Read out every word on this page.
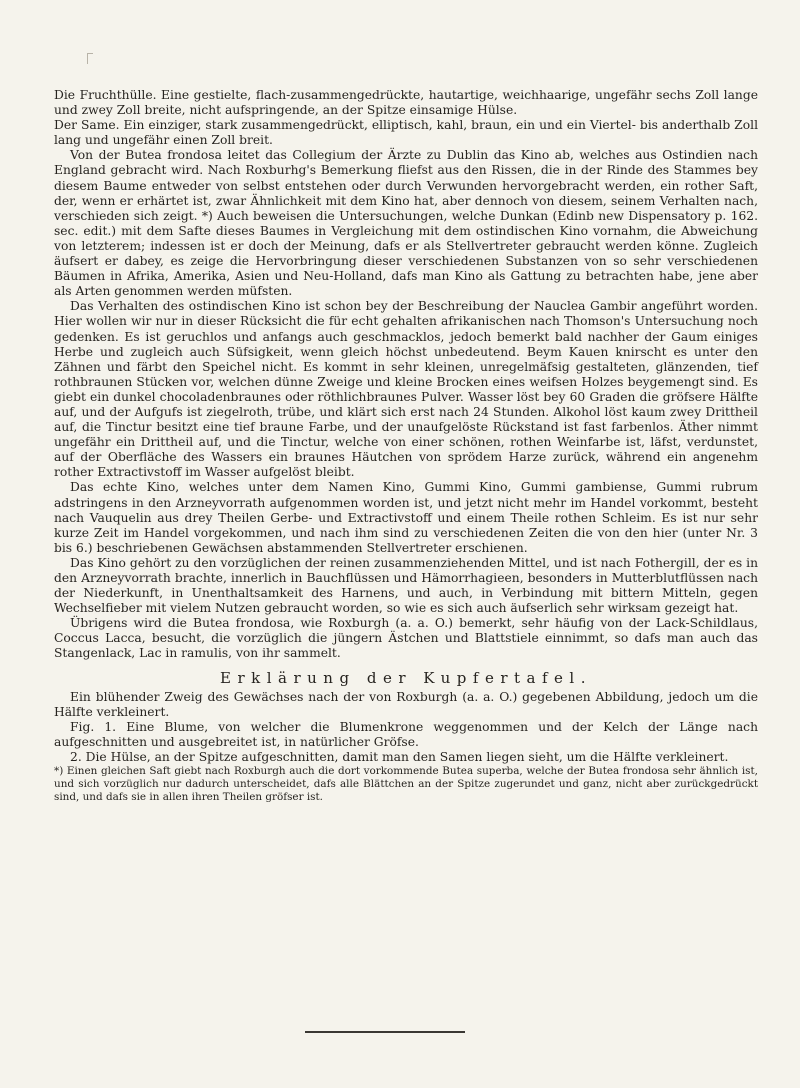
Die Fruchthülle. Eine gestielte, flach-zusammengedrückte, hautartige, weichhaarige, ungefähr sechs Zoll lange und zwey Zoll breite, nicht aufspringende, an der Spitze einsamige Hülse.

Der Same. Ein einziger, stark zusammengedrückt, elliptisch, kahl, braun, ein und ein Viertel- bis anderthalb Zoll lang und ungefähr einen Zoll breit.

Von der Butea frondosa leitet das Collegium der Ärzte zu Dublin das Kino ab, welches aus Ostindien nach England gebracht wird. Nach Roxburhg's Bemerkung fliefst aus den Rissen, die in der Rinde des Stammes bey diesem Baume entweder von selbst entstehen oder durch Verwunden hervorgebracht werden, ein rother Saft, der, wenn er erhärtet ist, zwar Ähnlichkeit mit dem Kino hat, aber dennoch von diesem, seinem Verhalten nach, verschieden sich zeigt. *) Auch beweisen die Untersuchungen, welche Dunkan (Edinb new Dispensatory p. 162. sec. edit.) mit dem Safte dieses Baumes in Vergleichung mit dem ostindischen Kino vornahm, die Abweichung von letzterem; indessen ist er doch der Meinung, dafs er als Stellvertreter gebraucht werden könne. Zugleich äufsert er dabey, es zeige die Hervorbringung dieser verschiedenen Substanzen von so sehr verschiedenen Bäumen in Afrika, Amerika, Asien und Neu-Holland, dafs man Kino als Gattung zu betrachten habe, jene aber als Arten genommen werden müfsten.

Das Verhalten des ostindischen Kino ist schon bey der Beschreibung der Nauclea Gambir angeführt worden. Hier wollen wir nur in dieser Rücksicht die für echt gehalten afrikanischen nach Thomson's Untersuchung noch gedenken. Es ist geruchlos und anfangs auch geschmacklos, jedoch bemerkt bald nachher der Gaum einiges Herbe und zugleich auch Süfsigkeit, wenn gleich höchst unbedeutend. Beym Kauen knirscht es unter den Zähnen und färbt den Speichel nicht. Es kommt in sehr kleinen, unregelmäfsig gestalteten, glänzenden, tief rothbraunen Stücken vor, welchen dünne Zweige und kleine Brocken eines weifsen Holzes beygemengt sind. Es giebt ein dunkel chocoladenbraunes oder röthlichbraunes Pulver. Wasser löst bey 60 Graden die gröfsere Hälfte auf, und der Aufgufs ist ziegelroth, trübe, und klärt sich erst nach 24 Stunden. Alkohol löst kaum zwey Drittheil auf, die Tinctur besitzt eine tief braune Farbe, und der unaufgelöste Rückstand ist fast farbenlos. Äther nimmt ungefähr ein Drittheil auf, und die Tinctur, welche von einer schönen, rothen Weinfarbe ist, läfst, verdunstet, auf der Oberfläche des Wassers ein braunes Häutchen von sprödem Harze zurück, während ein angenehm rother Extractivstoff im Wasser aufgelöst bleibt.

Das echte Kino, welches unter dem Namen Kino, Gummi Kino, Gummi gambiense, Gummi rubrum adstringens in den Arzneyvorrath aufgenommen worden ist, und jetzt nicht mehr im Handel vorkommt, besteht nach Vauquelin aus drey Theilen Gerbe- und Extractivstoff und einem Theile rothen Schleim. Es ist nur sehr kurze Zeit im Handel vorgekommen, und nach ihm sind zu verschiedenen Zeiten die von den hier (unter Nr. 3 bis 6.) beschriebenen Gewächsen abstammenden Stellvertreter erschienen.

Das Kino gehört zu den vorzüglichen der reinen zusammenziehenden Mittel, und ist nach Fothergill, der es in den Arzneyvorrath brachte, innerlich in Bauchflüssen und Hämorrhagieen, besonders in Mutterblutflüssen nach der Niederkunft, in Unenthaltsamkeit des Harnens, und auch, in Verbindung mit bittern Mitteln, gegen Wechselfieber mit vielem Nutzen gebraucht worden, so wie es sich auch äufserlich sehr wirksam gezeigt hat.

Übrigens wird die Butea frondosa, wie Roxburgh (a. a. O.) bemerkt, sehr häufig von der Lack-Schildlaus, Coccus Lacca, besucht, die vorzüglich die jüngern Ästchen und Blattstiele einnimmt, so dafs man auch das Stangenlack, Lac in ramulis, von ihr sammelt.

Erklärung der Kupfertafel.

Ein blühender Zweig des Gewächses nach der von Roxburgh (a. a. O.) gegebenen Abbildung, jedoch um die Hälfte verkleinert.

Fig. 1. Eine Blume, von welcher die Blumenkrone weggenommen und der Kelch der Länge nach aufgeschnitten und ausgebreitet ist, in natürlicher Gröfse.

2. Die Hülse, an der Spitze aufgeschnitten, damit man den Samen liegen sieht, um die Hälfte verkleinert.

*) Einen gleichen Saft giebt nach Roxburgh auch die dort vorkommende Butea superba, welche der Butea frondosa sehr ähnlich ist, und sich vorzüglich nur dadurch unterscheidet, dafs alle Blättchen an der Spitze zugerundet und ganz, nicht aber zurückgedrückt sind, und dafs sie in allen ihren Theilen gröfser ist.
